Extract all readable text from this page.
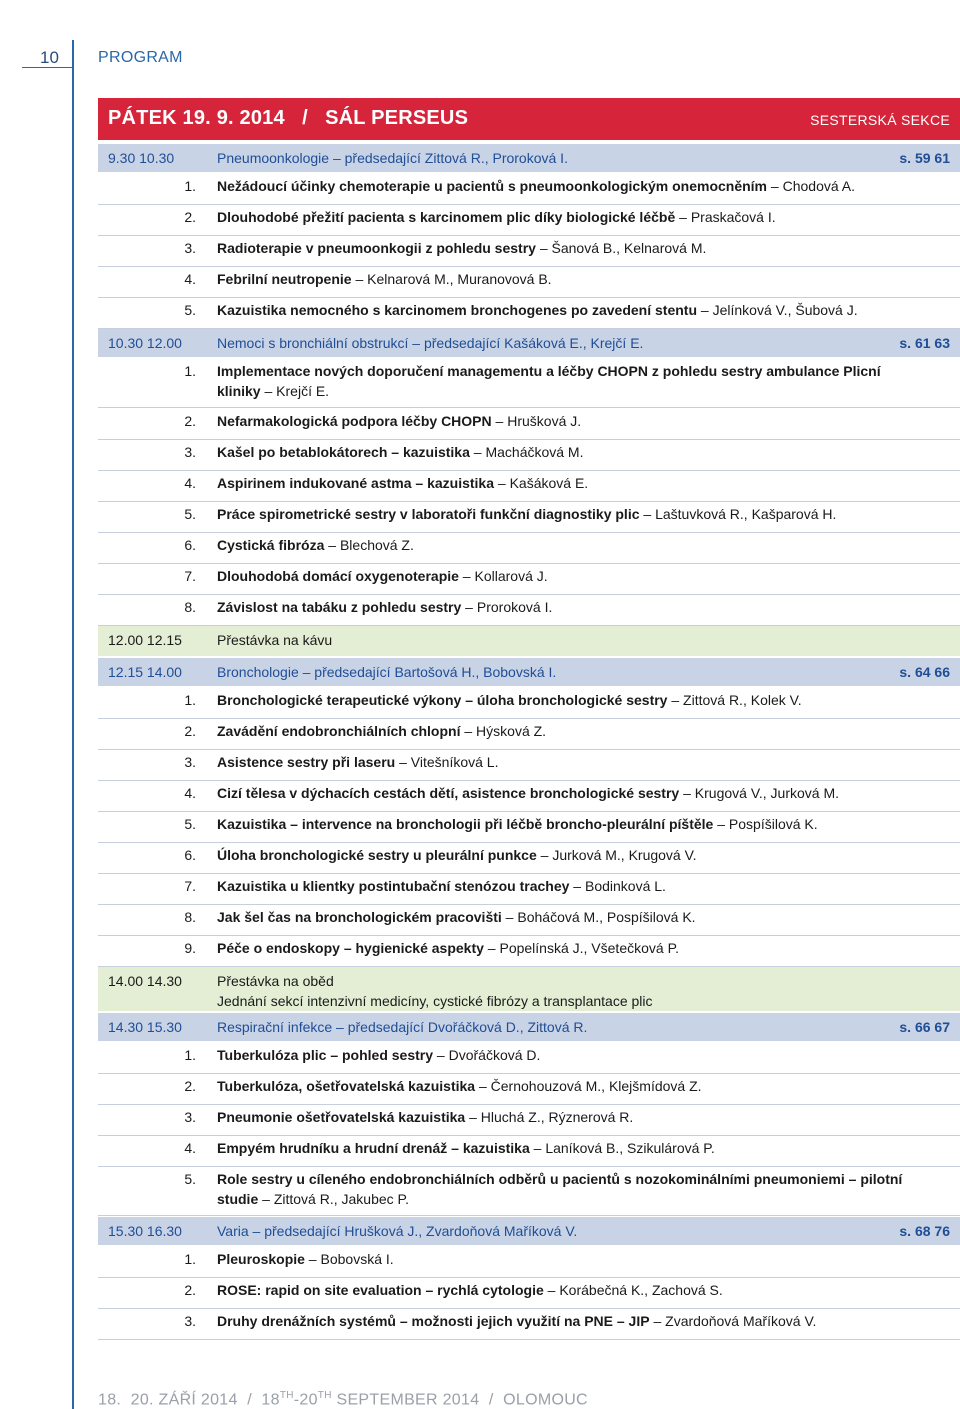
10 PROGRAM
PÁTEK 19. 9. 2014   /   SÁL PERSEUS	SESTERSKÁ SEKCE
9.30 10.30	Pneumoonkologie – předsedající Zittová R., Proroková I.	s. 59 61
1. Nežádoucí účinky chemoterapie u pacientů s pneumoonkologickým onemocněním – Chodová A.
2. Dlouhodobé přežití pacienta s karcinomem plic díky biologické léčbě – Praskačová I.
3. Radioterapie v pneumoonkogii z pohledu sestry – Šanová B., Kelnarová M.
4. Febrilní neutropenie – Kelnarová M., Muranovová B.
5. Kazuistika nemocného s karcinomem bronchogenes po zavedení stentu – Jelínková V., Šubová J.
10.30 12.00	Nemoci s bronchiální obstrukcí – předsedající Kašáková E., Krejčí E.	s. 61 63
1. Implementace nových doporučení managementu a léčby CHOPN z pohledu sestry ambulance Plicní kliniky – Krejčí E.
2. Nefarmakologická podpora léčby CHOPN – Hrušková J.
3. Kašel po betablokátorech – kazuistika – Macháčková M.
4. Aspirinem indukované astma – kazuistika – Kašáková E.
5. Práce spirometrické sestry v laboratoři funkční diagnostiky plic – Laštuvková R., Kašparová H.
6. Cystická fibróza – Blechová Z.
7. Dlouhodobá domácí oxygenoterapie – Kollarová J.
8. Závislost na tabáku z pohledu sestry – Proroková I.
12.00 12.15	Přestávka na kávu
12.15 14.00	Bronchologie – předsedající Bartošová H., Bobovská I.	s. 64 66
1. Bronchologické terapeutické výkony – úloha bronchologické sestry – Zittová R., Kolek V.
2. Zavádění endobronchiálních chlopní – Hýsková Z.
3. Asistence sestry při laseru – Vitešníková L.
4. Cizí tělesa v dýchacích cestách dětí, asistence bronchologické sestry – Krugová V., Jurková M.
5. Kazuistika – intervence na bronchologii při léčbě broncho-pleurální píštěle – Pospíšilová K.
6. Úloha bronchologické sestry u pleurální punkce – Jurková M., Krugová V.
7. Kazuistika u klientky postintubační stenózou trachey – Bodinková L.
8. Jak šel čas na bronchologickém pracovišti – Boháčová M., Pospíšilová K.
9. Péče o endoskopy – hygienické aspekty – Popelínská J., Všetečková P.
14.00 14.30	Přestávka na oběd
Jednání sekcí intenzivní medicíny, cystické fibrózy a transplantace plic
14.30 15.30	Respirační infekce – předsedající Dvořáčková D., Zittová R.	s. 66 67
1. Tuberkulóza plic – pohled sestry – Dvořáčková D.
2. Tuberkulóza, ošetřovatelská kazuistika – Černohouzová M., Klejšmídová Z.
3. Pneumonie ošetřovatelská kazuistika – Hluchá Z., Rýznerová R.
4. Empyém hrudníku a hrudní drenáž – kazuistika – Laníková B., Szikulárová P.
5. Role sestry u cíleného endobronchiálních odběrů u pacientů s nozokominálními pneumoniemi – pilotní studie – Zittová R., Jakubec P.
15.30 16.30	Varia – předsedající Hrušková J., Zvardoňová Maříková V.	s. 68 76
1. Pleuroskopie – Bobovská I.
2. ROSE: rapid on site evaluation – rychlá cytologie – Korábečná K., Zachová S.
3. Druhy drenážních systémů – možnosti jejich využití na PNE – JIP – Zvardoňová Maříková V.
18.  20. ZÁŘÍ 2014  /  18TH-20TH SEPTEMBER 2014  /  OLOMOUC
